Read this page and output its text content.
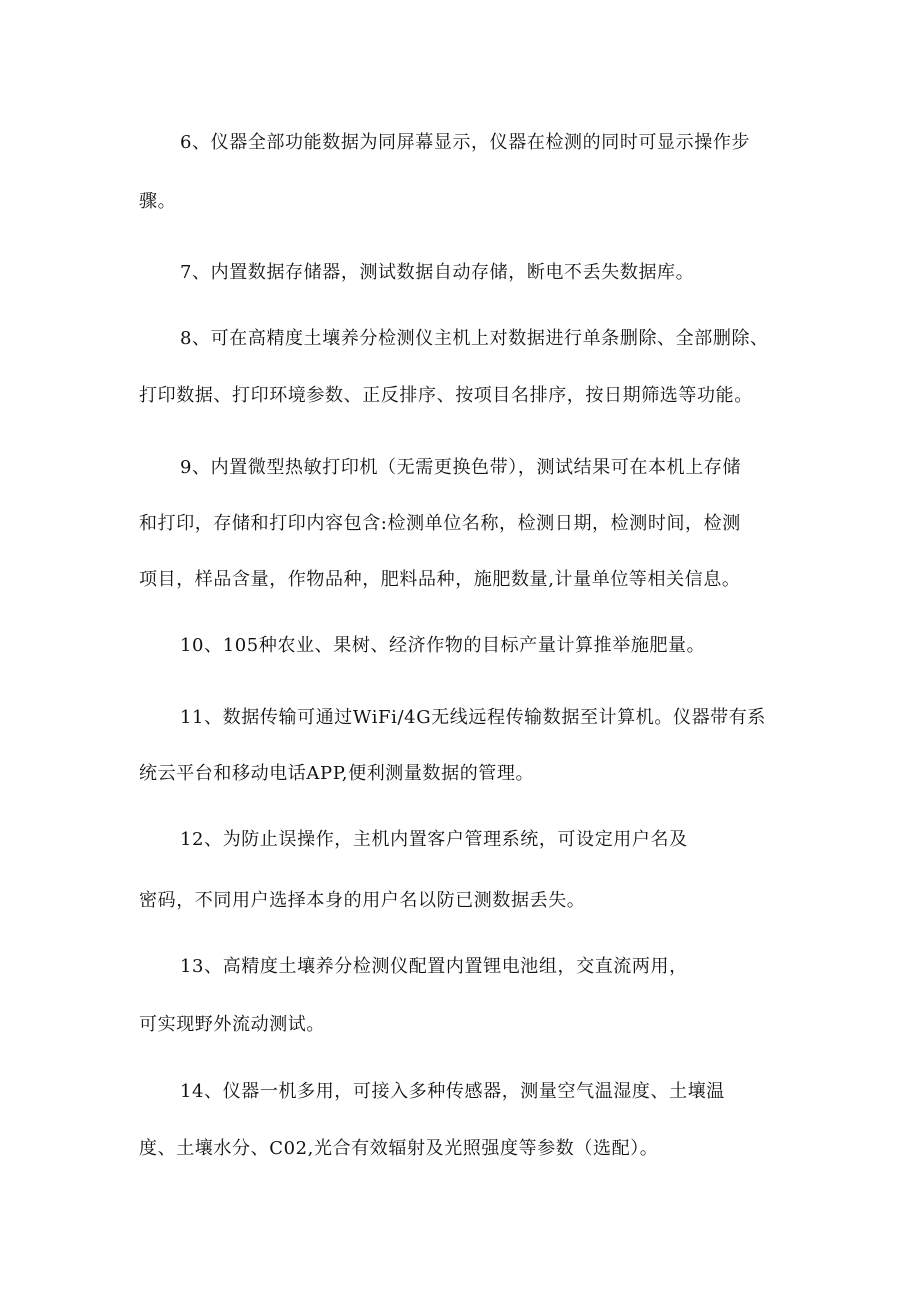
6、仪器全部功能数据为同屏幕显示，仪器在检测的同时可显示操作步
骤。
7、内置数据存储器，测试数据自动存储，断电不丢失数据库。
8、可在高精度土壤养分检测仪主机上对数据进行单条删除、全部删除、
打印数据、打印环境参数、正反排序、按项目名排序，按日期筛选等功能。
9、内置微型热敏打印机（无需更换色带），测试结果可在本机上存储
和打印，存储和打印内容包含:检测单位名称，检测日期，检测时间，检测
项目，样品含量，作物品种，肥料品种，施肥数量,计量单位等相关信息。
10、105种农业、果树、经济作物的目标产量计算推举施肥量。
11、数据传输可通过WiFi/4G无线远程传输数据至计算机。仪器带有系
统云平台和移动电话APP,便利测量数据的管理。
12、为防止误操作，主机内置客户管理系统，可设定用户名及
密码，不同用户选择本身的用户名以防已测数据丢失。
13、高精度土壤养分检测仪配置内置锂电池组，交直流两用，
可实现野外流动测试。
14、仪器一机多用，可接入多种传感器，测量空气温湿度、土壤温
度、土壤水分、C02,光合有效辐射及光照强度等参数（选配）。
